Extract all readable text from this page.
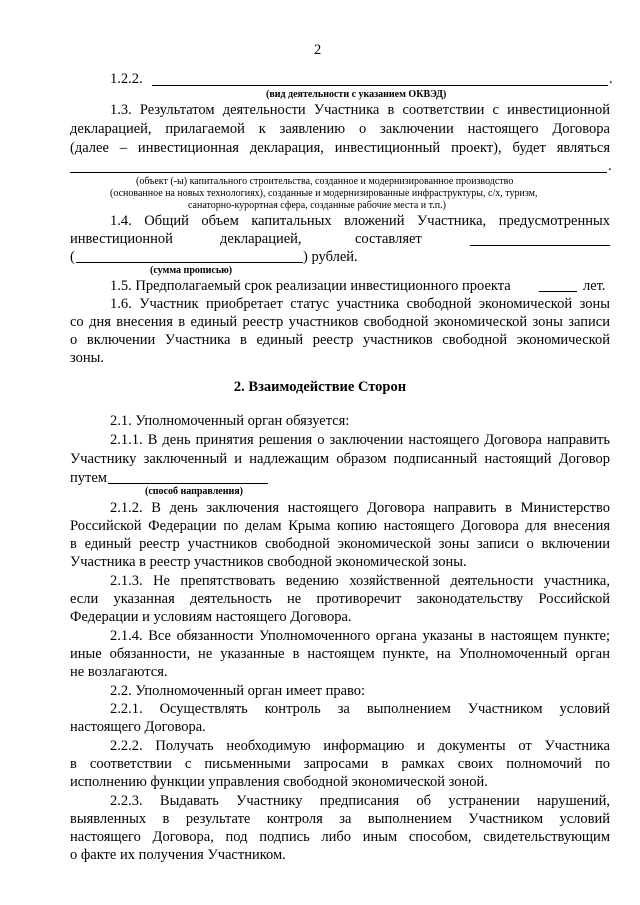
2
1.2.2.	.
(вид деятельности с указанием ОКВЭД)
1.3. Результатом деятельности Участника в соответствии с инвестиционной
декларацией, прилагаемой к заявлению о заключении настоящего Договора
(далее – инвестиционная декларация, инвестиционный проект), будет являться
.
(объект (-ы) капитального строительства, созданное и модернизированное производство
(основанное на новых технологиях), созданные и модернизированные инфраструктуры, с/х, туризм,
санаторно-курортная сфера, созданные рабочие места и т.п.)
1.4. Общий объем капитальных вложений Участника, предусмотренных
инвестиционной	декларацией,	составляет
(	) рублей.
(сумма прописью)
1.5. Предполагаемый срок реализации инвестиционного проекта	лет.
1.6. Участник приобретает статус участника свободной экономической зоны
со дня внесения в единый реестр участников свободной экономической зоны записи
о включении Участника в единый реестр участников свободной экономической
зоны.
2. Взаимодействие Сторон
2.1. Уполномоченный орган обязуется:
2.1.1. В день принятия решения о заключении настоящего Договора направить
Участнику заключенный и надлежащим образом подписанный настоящий Договор
путем
(способ направления)
2.1.2. В день заключения настоящего Договора направить в Министерство
Российской Федерации по делам Крыма копию настоящего Договора для внесения
в единый реестр участников свободной экономической зоны записи о включении
Участника в реестр участников свободной экономической зоны.
2.1.3. Не препятствовать ведению хозяйственной деятельности участника,
если указанная деятельность не противоречит законодательству Российской
Федерации и условиям настоящего Договора.
2.1.4. Все обязанности Уполномоченного органа указаны в настоящем пункте;
иные обязанности, не указанные в настоящем пункте, на Уполномоченный орган
не возлагаются.
2.2. Уполномоченный орган имеет право:
2.2.1. Осуществлять контроль за выполнением Участником условий
настоящего Договора.
2.2.2. Получать необходимую информацию и документы от Участника
в соответствии с письменными запросами в рамках своих полномочий по
исполнению функции управления свободной экономической зоной.
2.2.3. Выдавать Участнику предписания об устранении нарушений,
выявленных в результате контроля за выполнением Участником условий
настоящего Договора, под подпись либо иным способом, свидетельствующим
о факте их получения Участником.
